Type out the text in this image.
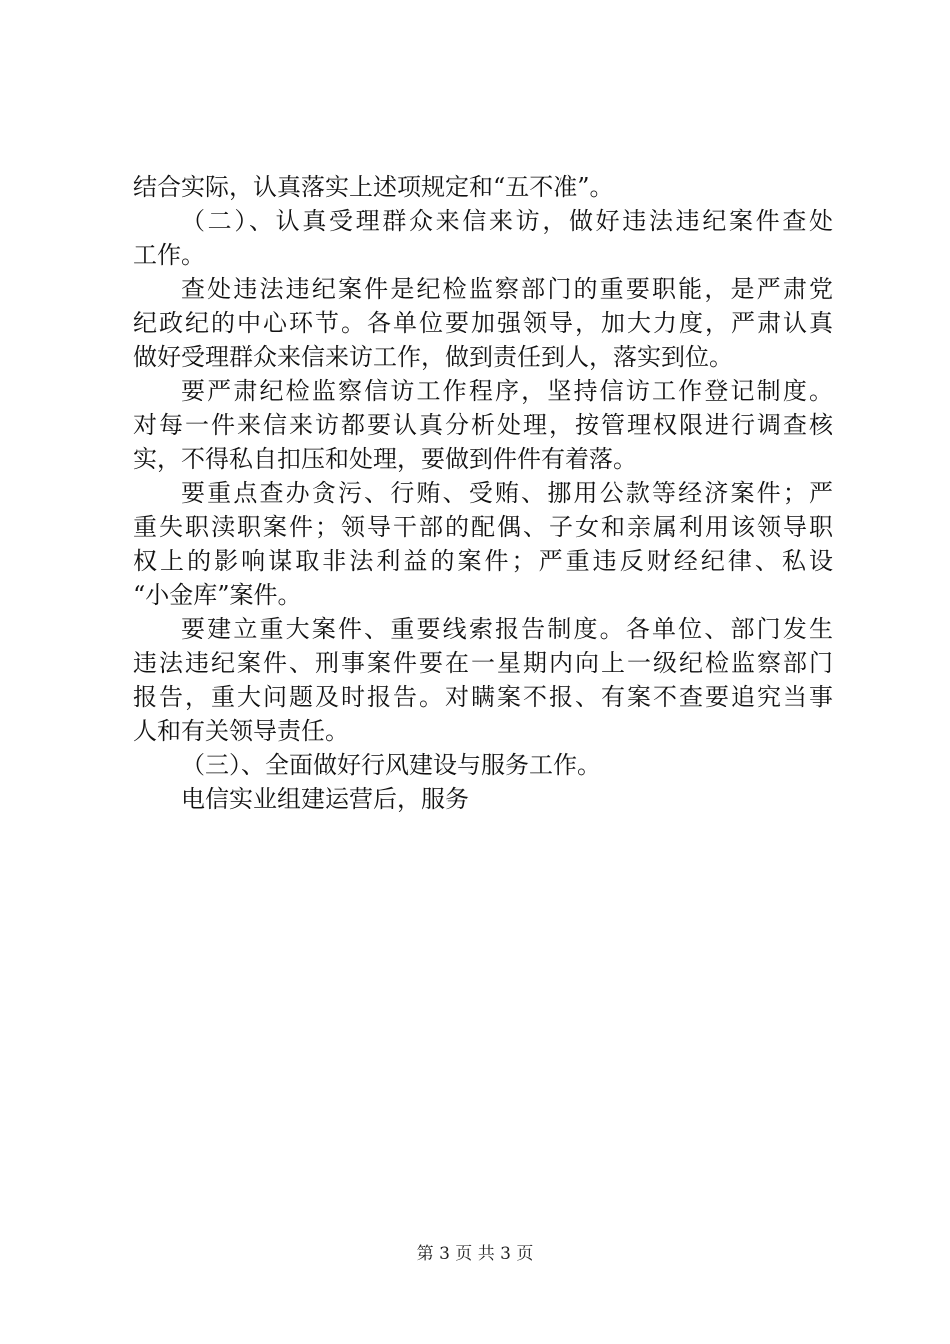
结合实际，认真落实上述项规定和“五不准”。
（二）、认真受理群众来信来访，做好违法违纪案件查处
工作。
查处违法违纪案件是纪检监察部门的重要职能，是严肃党
纪政纪的中心环节。各单位要加强领导，加大力度，严肃认真
做好受理群众来信来访工作，做到责任到人，落实到位。
要严肃纪检监察信访工作程序，坚持信访工作登记制度。
对每一件来信来访都要认真分析处理，按管理权限进行调查核
实，不得私自扣压和处理，要做到件件有着落。
要重点查办贪污、行贿、受贿、挪用公款等经济案件；严
重失职渎职案件；领导干部的配偶、子女和亲属利用该领导职
权上的影响谋取非法利益的案件；严重违反财经纪律、私设
“小金库”案件。
要建立重大案件、重要线索报告制度。各单位、部门发生
违法违纪案件、刑事案件要在一星期内向上一级纪检监察部门
报告，重大问题及时报告。对瞒案不报、有案不查要追究当事
人和有关领导责任。
（三）、全面做好行风建设与服务工作。
电信实业组建运营后，服务
第 3 页 共 3 页
